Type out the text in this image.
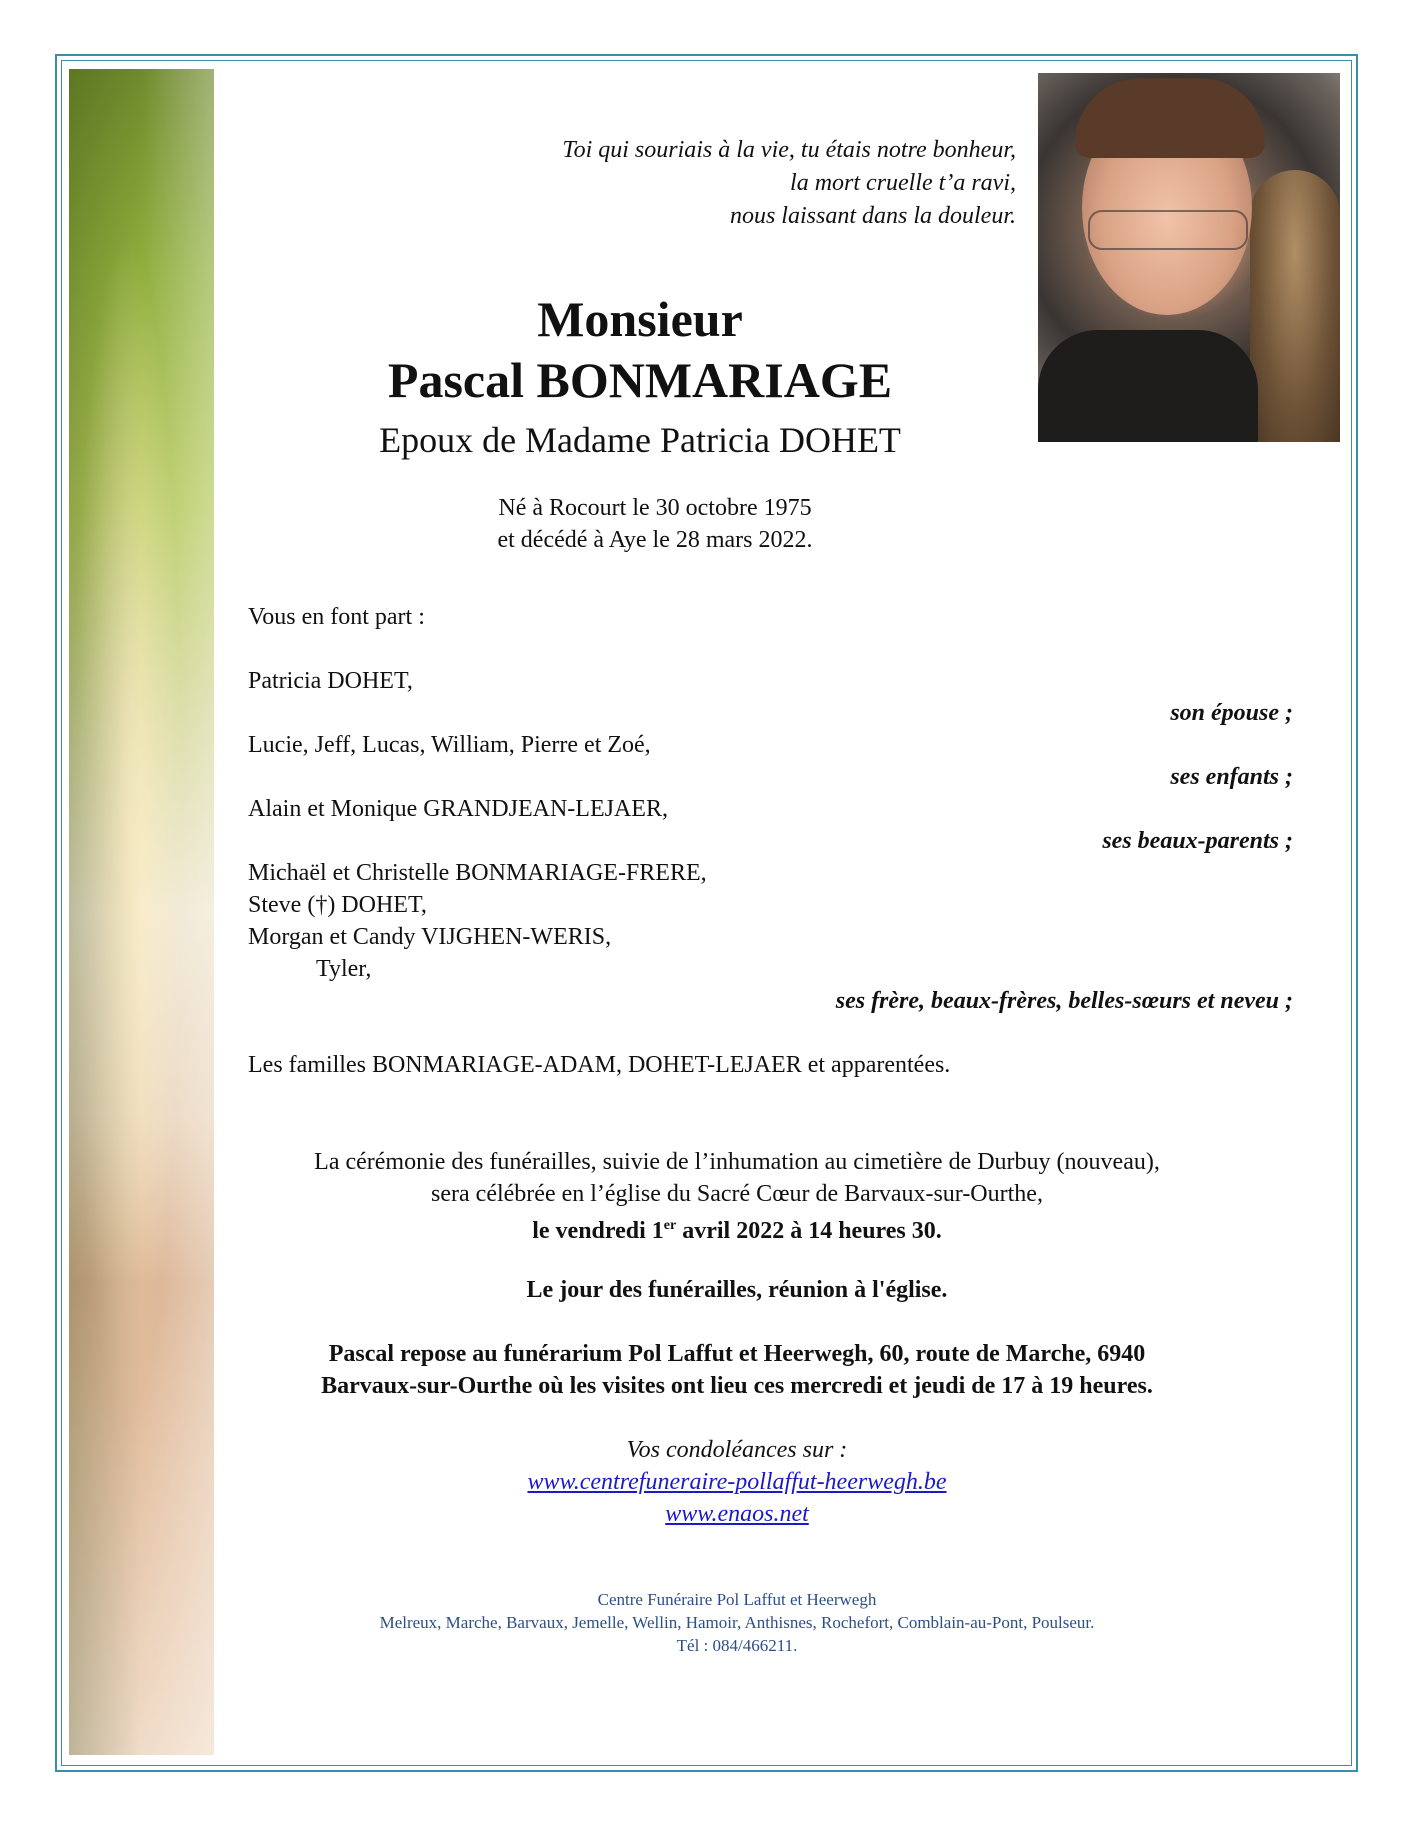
Toi qui souriais à la vie, tu étais notre bonheur,
la mort cruelle t’a ravi,
nous laissant dans la douleur.
Monsieur
Pascal BONMARIAGE
Epoux de Madame Patricia DOHET
Né à Rocourt le 30 octobre 1975
et décédé à Aye le 28 mars 2022.
Vous en font part :
Patricia DOHET,
son épouse ;
Lucie, Jeff, Lucas, William, Pierre et Zoé,
ses enfants ;
Alain et Monique GRANDJEAN-LEJAER,
ses beaux-parents ;
Michaël et Christelle BONMARIAGE-FRERE,
Steve (†) DOHET,
Morgan et Candy VIJGHEN-WERIS,
Tyler,
ses frère, beaux-frères, belles-sœurs et neveu ;
Les familles BONMARIAGE-ADAM, DOHET-LEJAER et apparentées.
La cérémonie des funérailles, suivie de l’inhumation au cimetière de Durbuy (nouveau),
sera célébrée en l’église du Sacré Cœur de Barvaux-sur-Ourthe,
le vendredi 1er avril 2022 à 14 heures 30.
Le jour des funérailles, réunion à l'église.
Pascal repose au funérarium Pol Laffut et Heerwegh, 60, route de Marche, 6940
Barvaux-sur-Ourthe où les visites ont lieu ces mercredi et jeudi de 17 à 19 heures.
Vos condoléances sur :
www.centrefuneraire-pollaffut-heerwegh.be
www.enaos.net
Centre Funéraire Pol Laffut et Heerwegh
Melreux, Marche, Barvaux, Jemelle, Wellin, Hamoir, Anthisnes, Rochefort, Comblain-au-Pont, Poulseur.
Tél : 084/466211.
